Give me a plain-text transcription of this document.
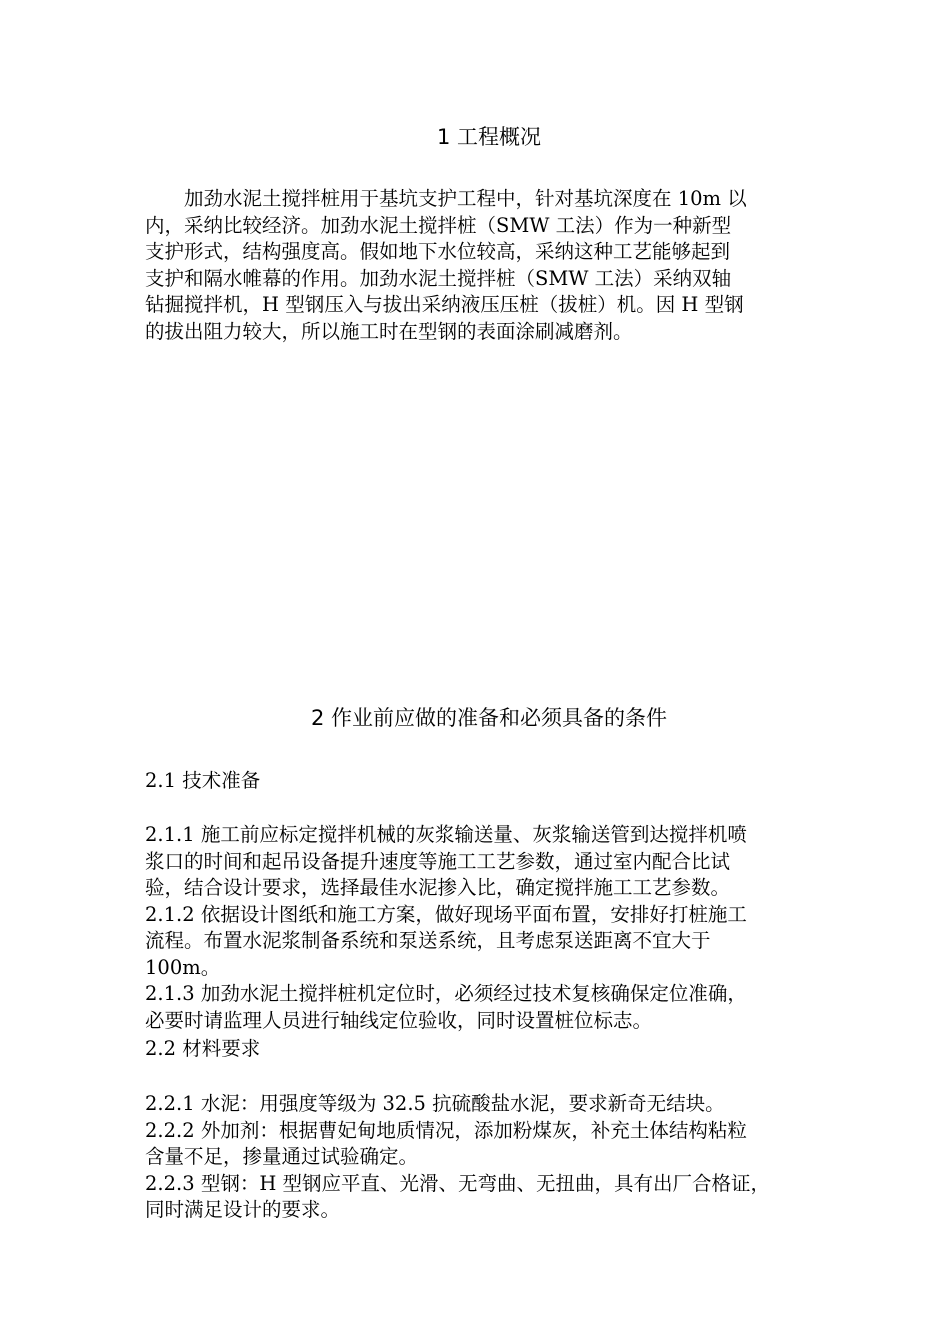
1 工程概况
　　加劲水泥土搅拌桩用于基坑支护工程中，针对基坑深度在 10m 以
内，采纳比较经济。加劲水泥土搅拌桩（SMW 工法）作为一种新型
支护形式，结构强度高。假如地下水位较高，采纳这种工艺能够起到
支护和隔水帷幕的作用。加劲水泥土搅拌桩（SMW 工法）采纳双轴
钻掘搅拌机，H 型钢压入与拔出采纳液压压桩（拔桩）机。因 H 型钢
的拔出阻力较大，所以施工时在型钢的表面涂刷减磨剂。
2 作业前应做的准备和必须具备的条件
2.1 技术准备
2.1.1 施工前应标定搅拌机械的灰浆输送量、灰浆输送管到达搅拌机喷
浆口的时间和起吊设备提升速度等施工工艺参数，通过室内配合比试
验，结合设计要求，选择最佳水泥掺入比，确定搅拌施工工艺参数。
2.1.2 依据设计图纸和施工方案，做好现场平面布置，安排好打桩施工
流程。布置水泥浆制备系统和泵送系统，且考虑泵送距离不宜大于
100m。
2.1.3 加劲水泥土搅拌桩机定位时，必须经过技术复核确保定位准确，
必要时请监理人员进行轴线定位验收，同时设置桩位标志。
2.2 材料要求
2.2.1 水泥：用强度等级为 32.5 抗硫酸盐水泥，要求新奇无结块。
2.2.2 外加剂：根据曹妃甸地质情况，添加粉煤灰，补充土体结构粘粒
含量不足，掺量通过试验确定。
2.2.3 型钢：H 型钢应平直、光滑、无弯曲、无扭曲，具有出厂合格证，
同时满足设计的要求。
